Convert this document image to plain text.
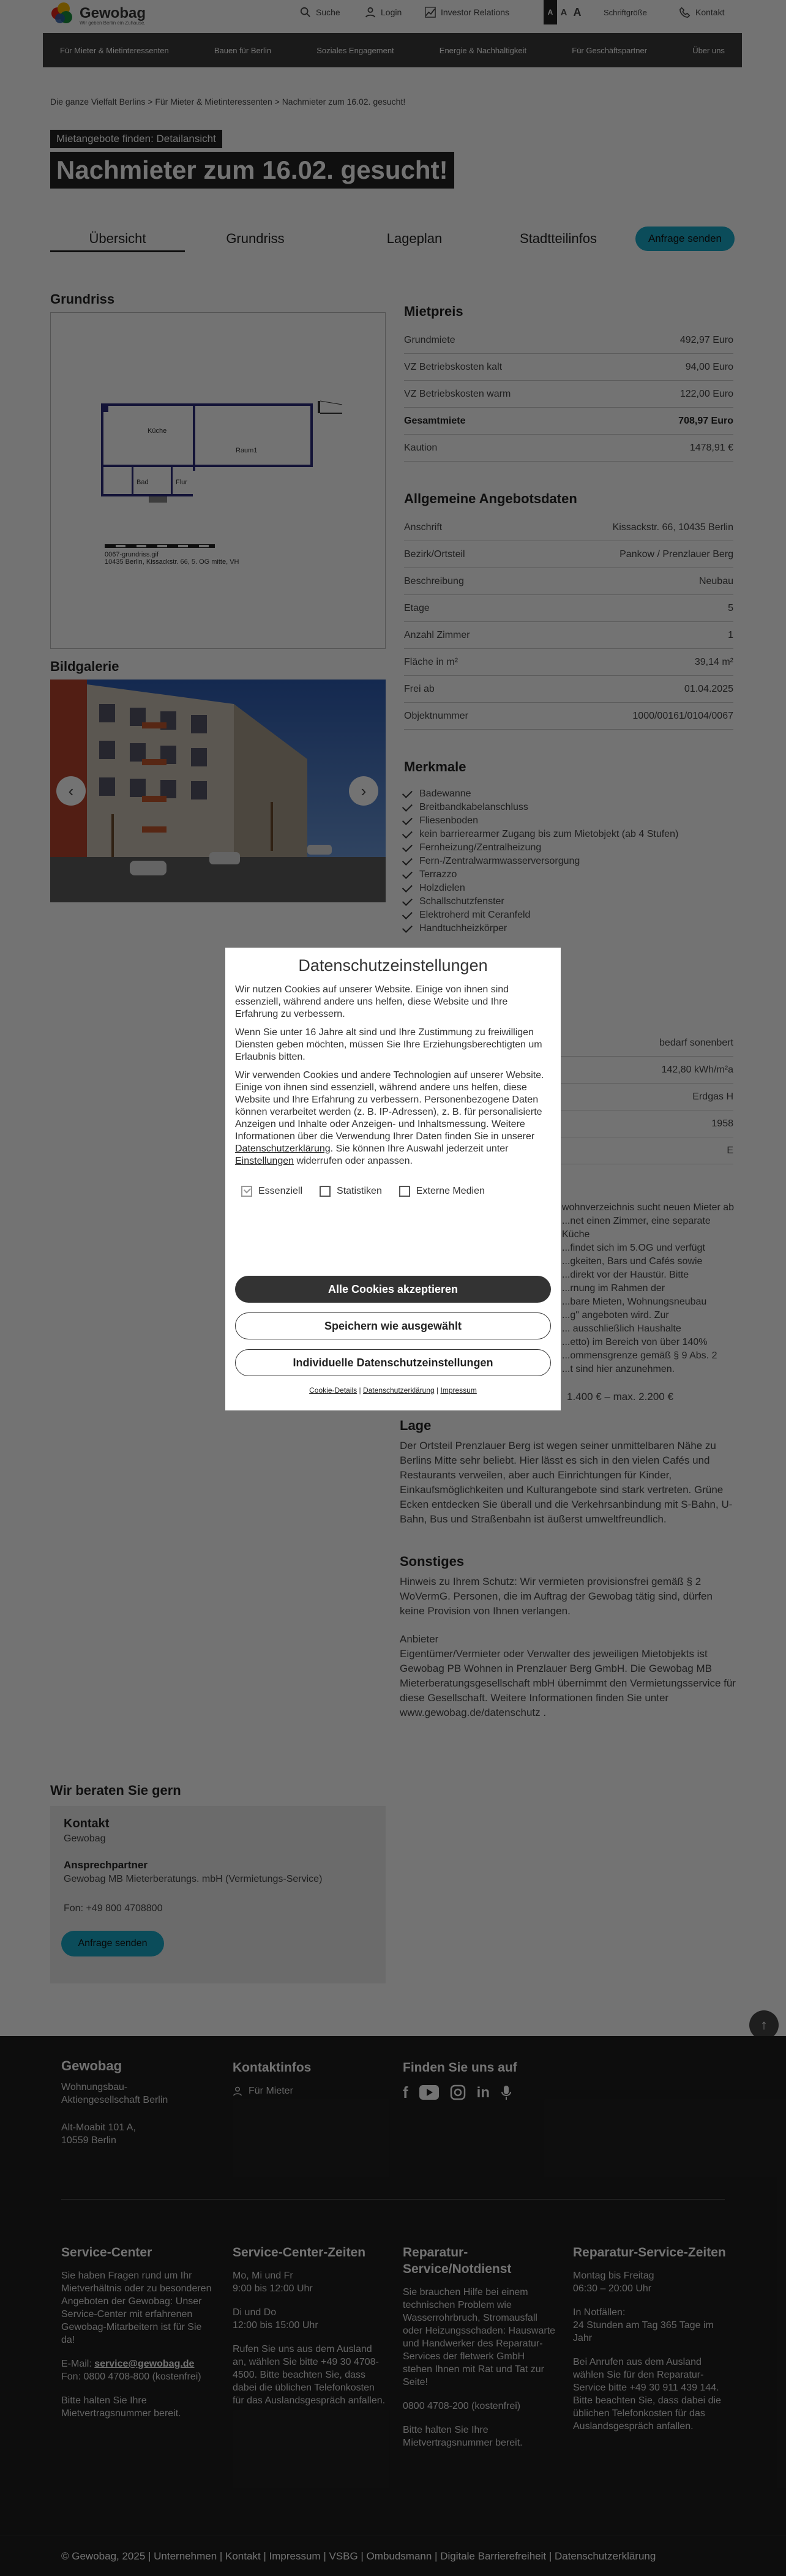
Datenschutzeinstellungen

Wir nutzen Cookies auf unserer Website. Einige von ihnen sind essenziell, während andere uns helfen, diese Website und Ihre Erfahrung zu verbessern.

Wenn Sie unter 16 Jahre alt sind und Ihre Zustimmung zu freiwilligen Diensten geben möchten, müssen Sie Ihre Erziehungsberechtigten um Erlaubnis bitten.

Wir verwenden Cookies und andere Technologien auf unserer Website. Einige von ihnen sind essenziell, während andere uns helfen, diese Website und Ihre Erfahrung zu verbessern. Personenbezogene Daten können verarbeitet werden (z. B. IP-Adressen), z. B. für personalisierte Anzeigen und Inhalte oder Anzeigen- und Inhaltsmessung. Weitere Informationen über die Verwendung Ihrer Daten finden Sie in unserer Datenschutzerklärung. Sie können Ihre Auswahl jederzeit unter Einstellungen widerrufen oder anpassen.

Essenziell	Statistiken	Externe Medien
Alle Cookies akzeptieren
Speichern wie ausgewählt
Individuelle Datenschutzeinstellungen
Cookie-Details | Datenschutzerklärung | Impressum
